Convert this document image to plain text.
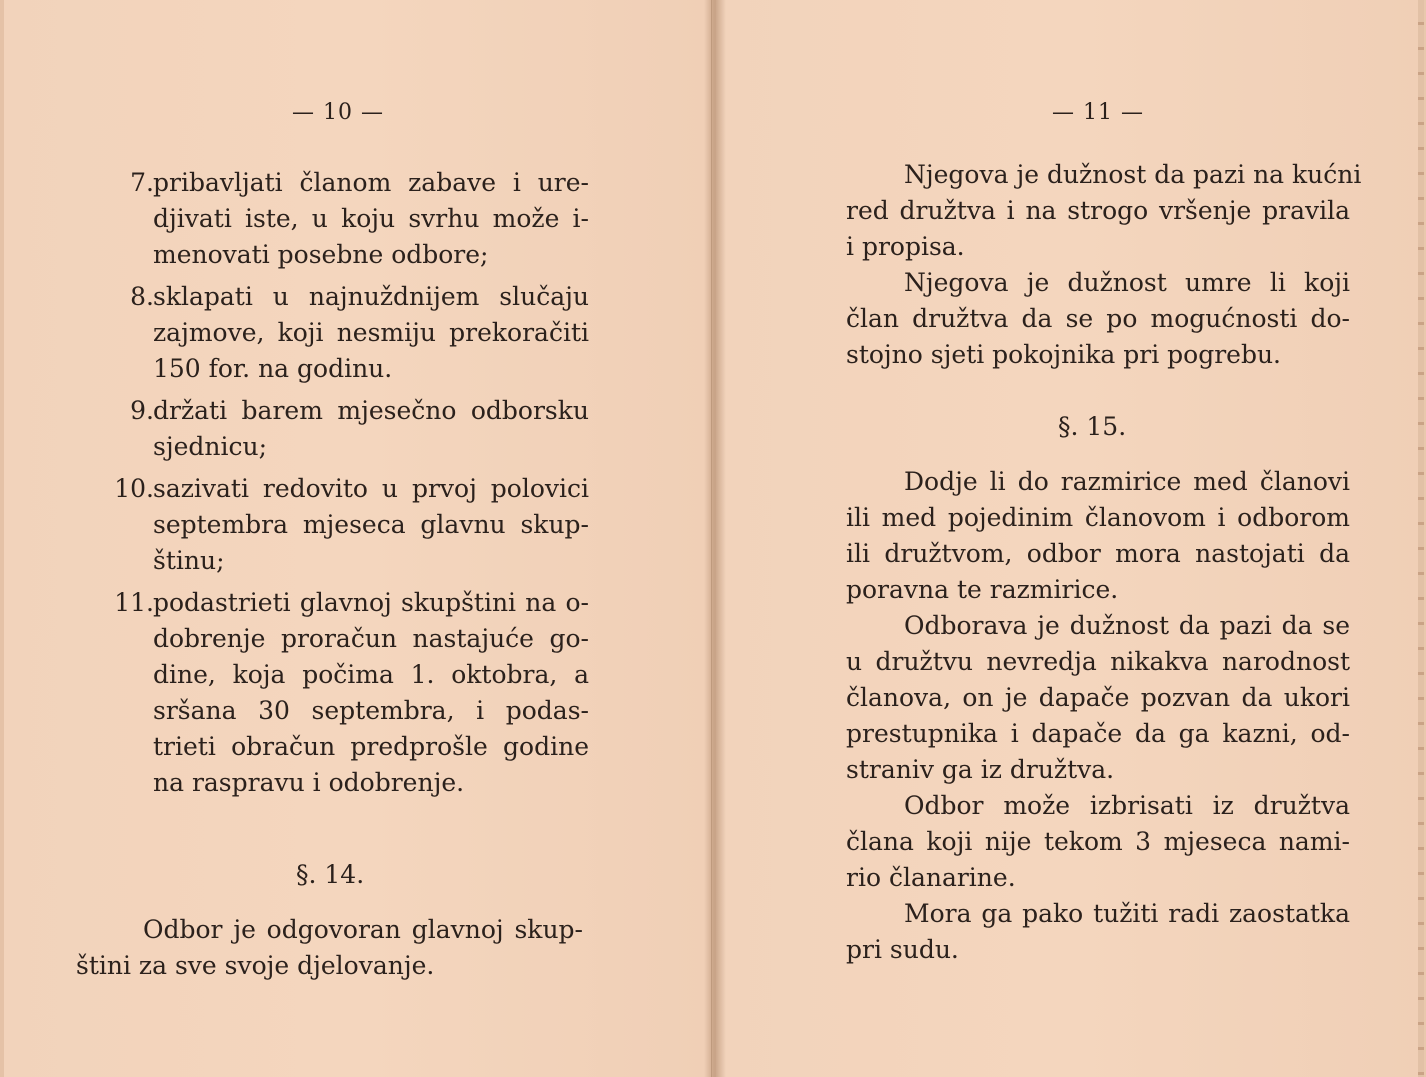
— 10 —
7. pribavljati članom zabave i ure-
djivati iste, u koju svrhu može i-
menovati posebne odbore;
8. sklapati u najnuždnijem slučaju
zajmove, koji nesmiju prekoračiti
150 for. na godinu.
9. držati barem mjesečno odborsku
sjednicu;
10. sazivati redovito u prvoj polovici
septembra mjeseca glavnu skup-
štinu;
11. podastrieti glavnoj skupštini na o-
dobrenje proračun nastajuće go-
dine, koja počima 1. oktobra, a
sršana 30 septembra, i podas-
trieti obračun predprošle godine
na raspravu i odobrenje.
§. 14.
Odbor je odgovoran glavnoj skup-
štini za sve svoje djelovanje.
— 11 —
Njegova je dužnost da pazi na kućni
red družtva i na strogo vršenje pravila
i propisa.
Njegova je dužnost umre li koji
član družtva da se po mogućnosti do-
stojno sjeti pokojnika pri pogrebu.
§. 15.
Dodje li do razmirice med članovi
ili med pojedinim članovom i odborom
ili družtvom, odbor mora nastojati da
poravna te razmirice.
Odborava je dužnost da pazi da se
u družtvu nevredja nikakva narodnost
članova, on je dapače pozvan da ukori
prestupnika i dapače da ga kazni, od-
straniv ga iz družtva.
Odbor može izbrisati iz družtva
člana koji nije tekom 3 mjeseca nami-
rio članarine.
Mora ga pako tužiti radi zaostatka
pri sudu.
